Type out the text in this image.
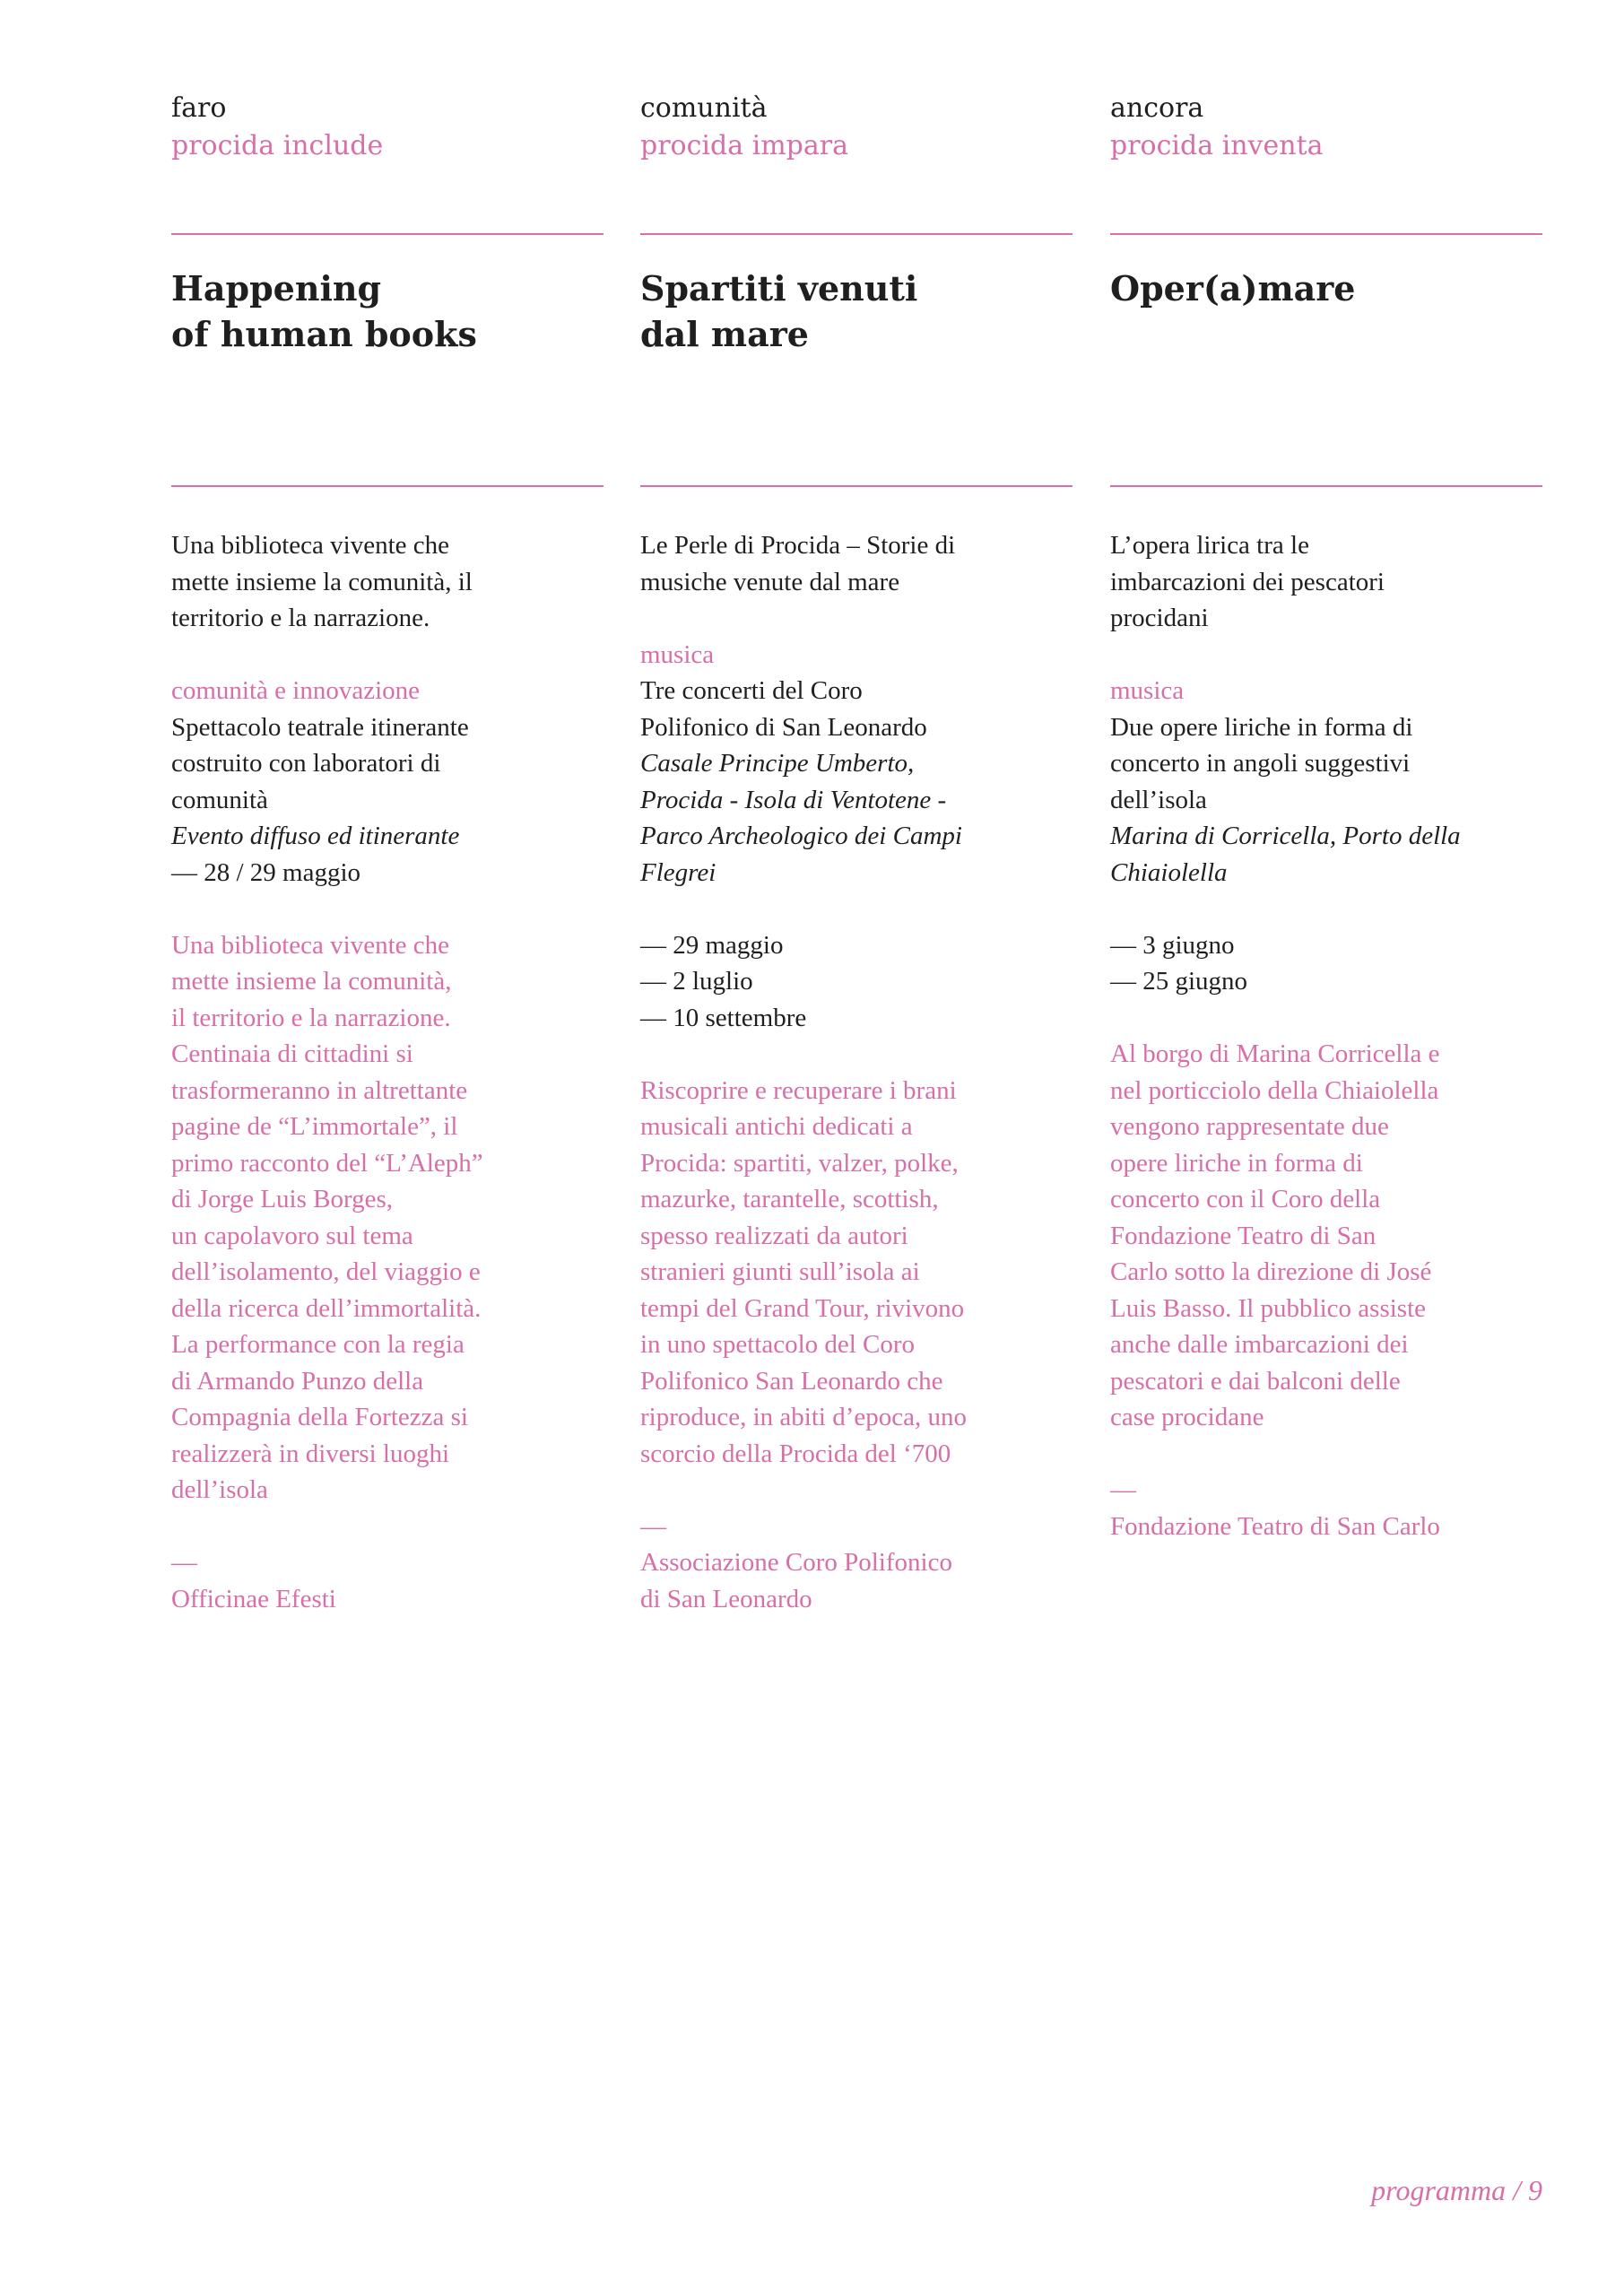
faro
procida include
Happening
of human books
Una biblioteca vivente che
mette insieme la comunità, il
territorio e la narrazione.
comunità e innovazione
Spettacolo teatrale itinerante
costruito con laboratori di
comunità
Evento diffuso ed itinerante
— 28 / 29 maggio
Una biblioteca vivente che
mette insieme la comunità,
il territorio e la narrazione.
Centinaia di cittadini si
trasformeranno in altrettante
pagine de “L’immortale”, il
primo racconto del “L’Aleph”
di Jorge Luis Borges,
un capolavoro sul tema
dell’isolamento, del viaggio e
della ricerca dell’immortalità.
La performance con la regia
di Armando Punzo della
Compagnia della Fortezza si
realizzerà in diversi luoghi
dell’isola
—
Officinae Efesti
comunità
procida impara
Spartiti venuti
dal mare
Le Perle di Procida – Storie di
musiche venute dal mare
musica
Tre concerti del Coro
Polifonico di San Leonardo
Casale Principe Umberto,
Procida - Isola di Ventotene -
Parco Archeologico dei Campi
Flegrei
— 29 maggio
— 2 luglio
— 10 settembre
Riscoprire e recuperare i brani
musicali antichi dedicati a
Procida: spartiti, valzer, polke,
mazurke, tarantelle, scottish,
spesso realizzati da autori
stranieri giunti sull’isola ai
tempi del Grand Tour, rivivono
in uno spettacolo del Coro
Polifonico San Leonardo che
riproduce, in abiti d’epoca, uno
scorcio della Procida del ‘700
—
Associazione Coro Polifonico
di San Leonardo
ancora
procida inventa
Oper(a)mare
L’opera lirica tra le
imbarcazioni dei pescatori
procidani
musica
Due opere liriche in forma di
concerto in angoli suggestivi
dell’isola
Marina di Corricella, Porto della
Chiaiolella
— 3 giugno
— 25 giugno
Al borgo di Marina Corricella e
nel porticciolo della Chiaiolella
vengono rappresentate due
opere liriche in forma di
concerto con il Coro della
Fondazione Teatro di San
Carlo sotto la direzione di José
Luis Basso. Il pubblico assiste
anche dalle imbarcazioni dei
pescatori e dai balconi delle
case procidane
—
Fondazione Teatro di San Carlo
programma / 9
